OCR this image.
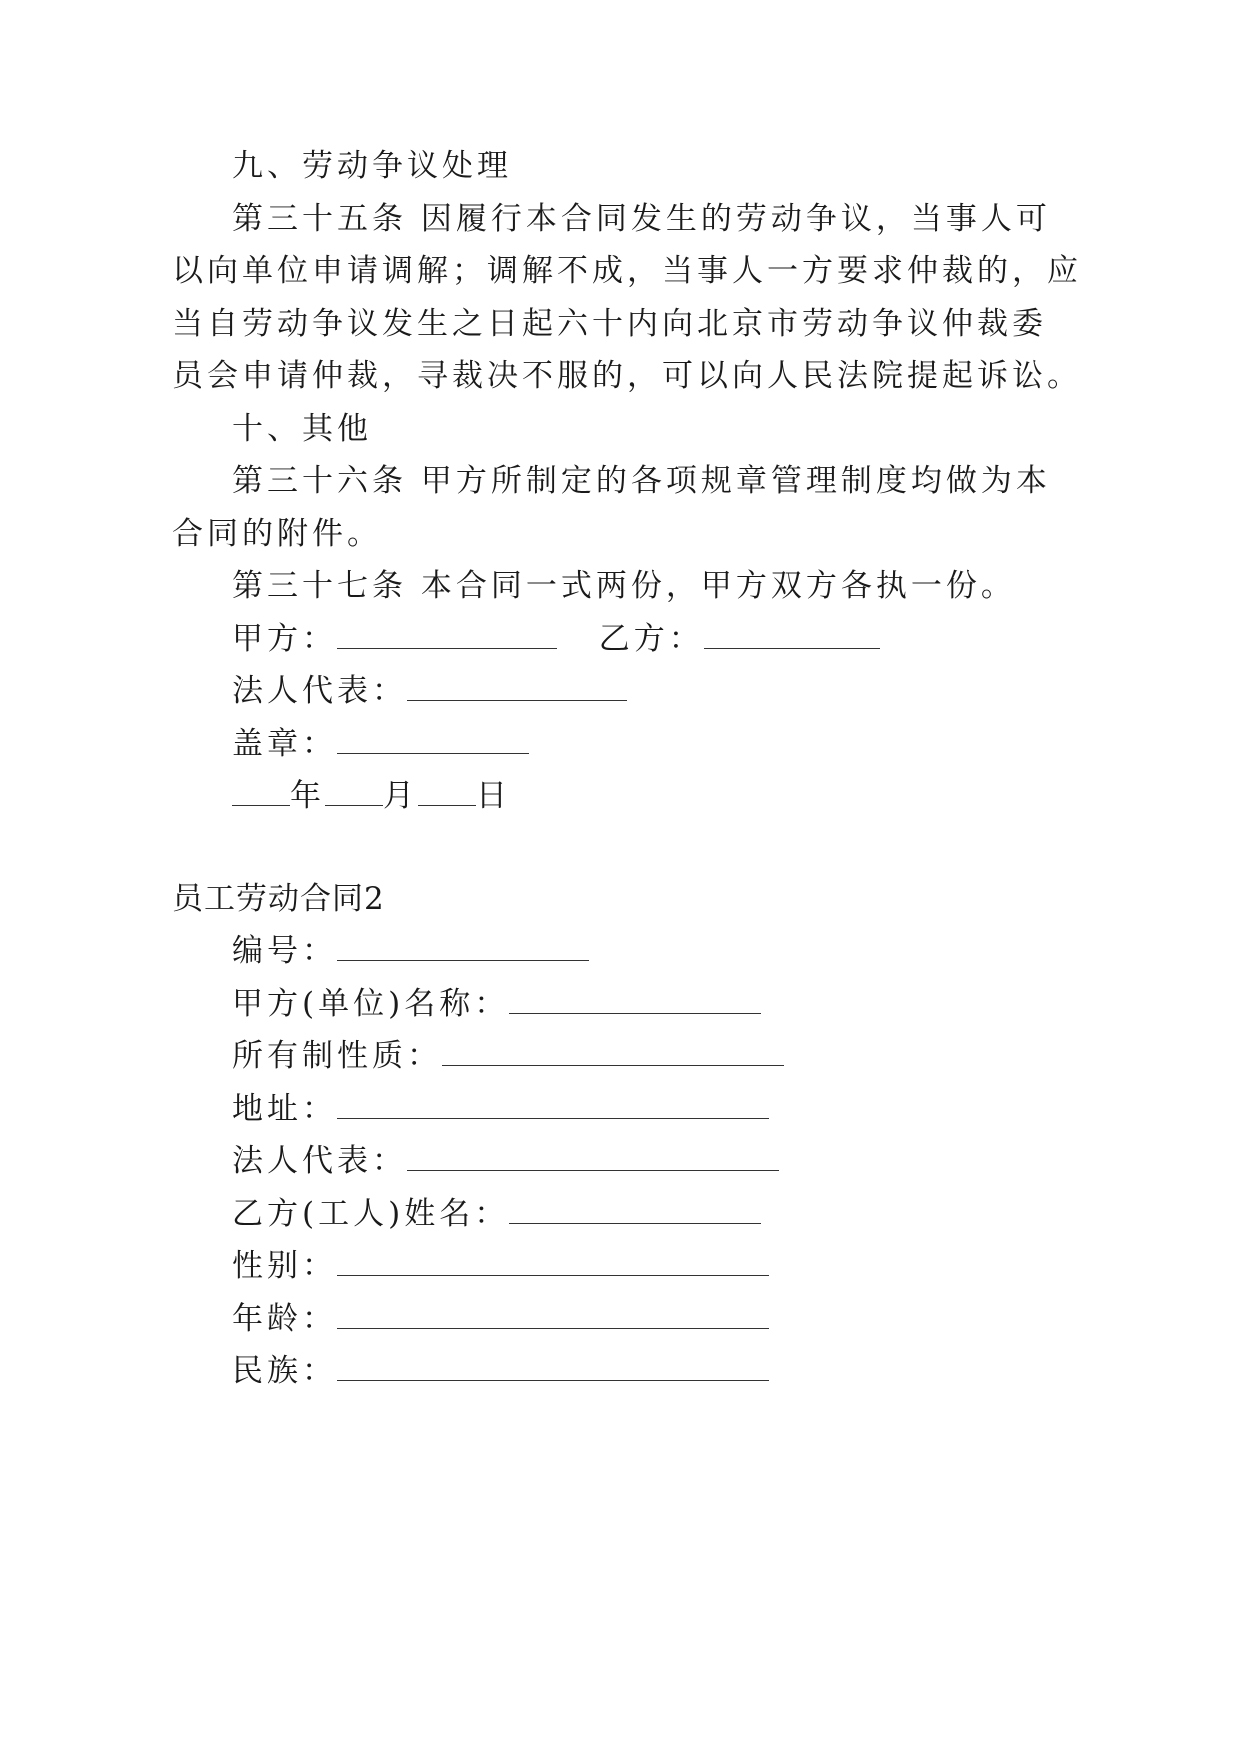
九、劳动争议处理
第三十五条 因履行本合同发生的劳动争议，当事人可
以向单位申请调解；调解不成，当事人一方要求仲裁的，应
当自劳动争议发生之日起六十内向北京市劳动争议仲裁委
员会申请仲裁，寻裁决不服的，可以向人民法院提起诉讼。
十、其他
第三十六条 甲方所制定的各项规章管理制度均做为本
合同的附件。
第三十七条 本合同一式两份，甲方双方各执一份。
甲方：	乙方：
法人代表：
盖章：
年 月 日
员工劳动合同2
编号：
甲方(单位)名称：
所有制性质：
地址：
法人代表：
乙方(工人)姓名：
性别：
年龄：
民族：
